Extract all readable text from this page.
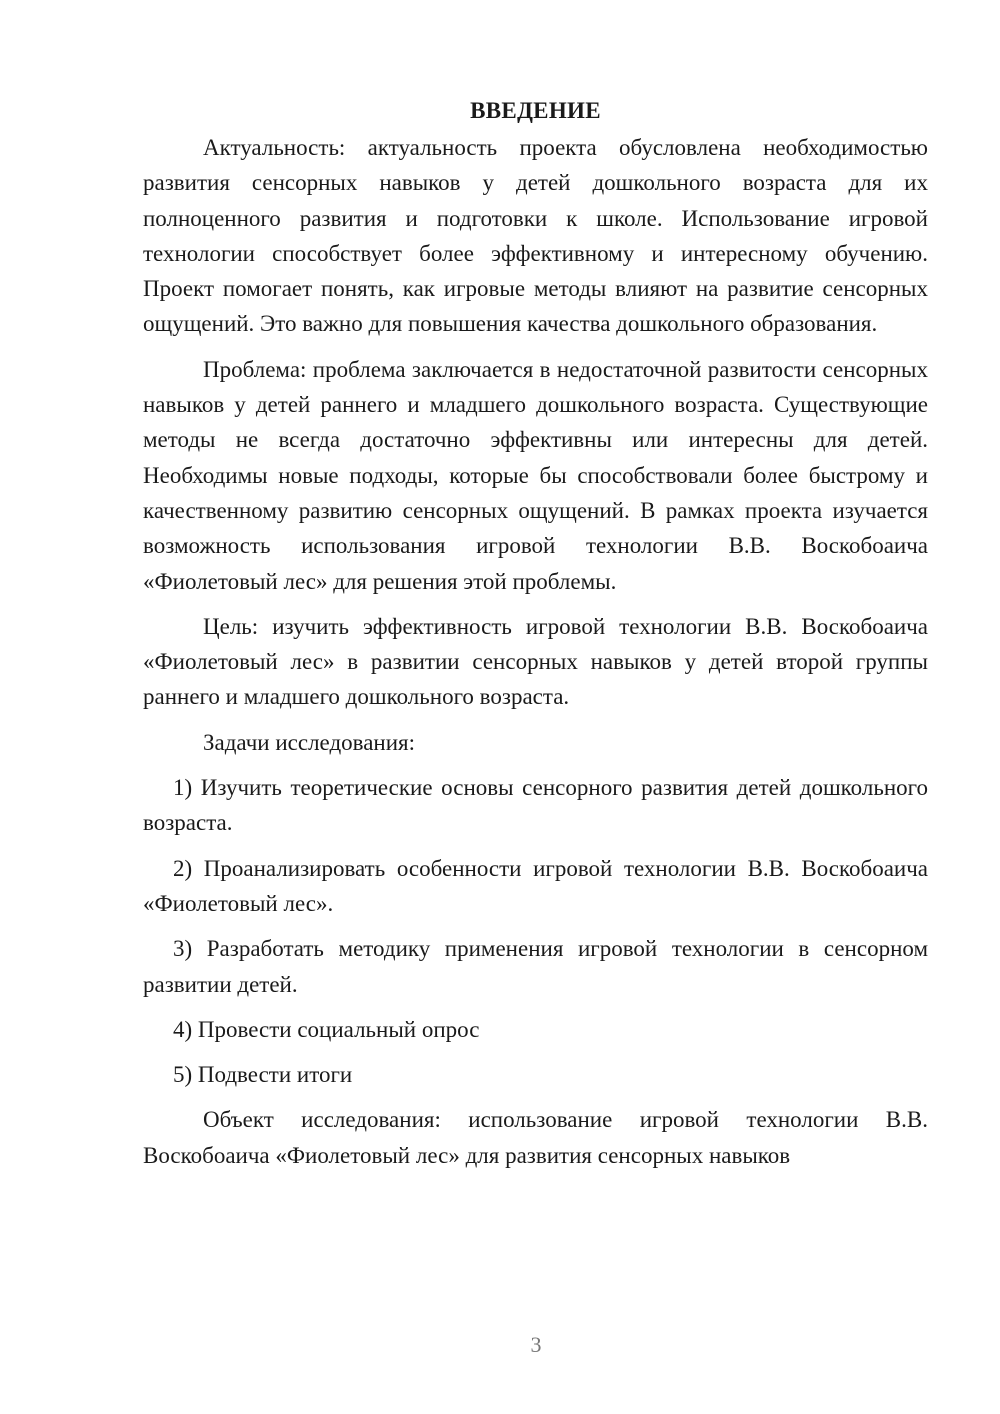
ВВЕДЕНИЕ

Актуальность: актуальность проекта обусловлена необходимостью развития сенсорных навыков у детей дошкольного возраста для их полноценного развития и подготовки к школе. Использование игровой технологии способствует более эффективному и интересному обучению. Проект помогает понять, как игровые методы влияют на развитие сенсорных ощущений. Это важно для повышения качества дошкольного образования.

Проблема: проблема заключается в недостаточной развитости сенсорных навыков у детей раннего и младшего дошкольного возраста. Существующие методы не всегда достаточно эффективны или интересны для детей. Необходимы новые подходы, которые бы способствовали более быстрому и качественному развитию сенсорных ощущений. В рамках проекта изучается возможность использования игровой технологии В.В. Воскобоаича «Фиолетовый лес» для решения этой проблемы.

Цель: изучить эффективность игровой технологии В.В. Воскобоаича «Фиолетовый лес» в развитии сенсорных навыков у детей второй группы раннего и младшего дошкольного возраста.

Задачи исследования:

1) Изучить теоретические основы сенсорного развития детей дошкольного возраста.

2) Проанализировать особенности игровой технологии В.В. Воскобоаича «Фиолетовый лес».

3) Разработать методику применения игровой технологии в сенсорном развитии детей.

4) Провести социальный опрос

5) Подвести итоги

Объект исследования: использование игровой технологии В.В. Воскобоаича «Фиолетовый лес» для развития сенсорных навыков

3
